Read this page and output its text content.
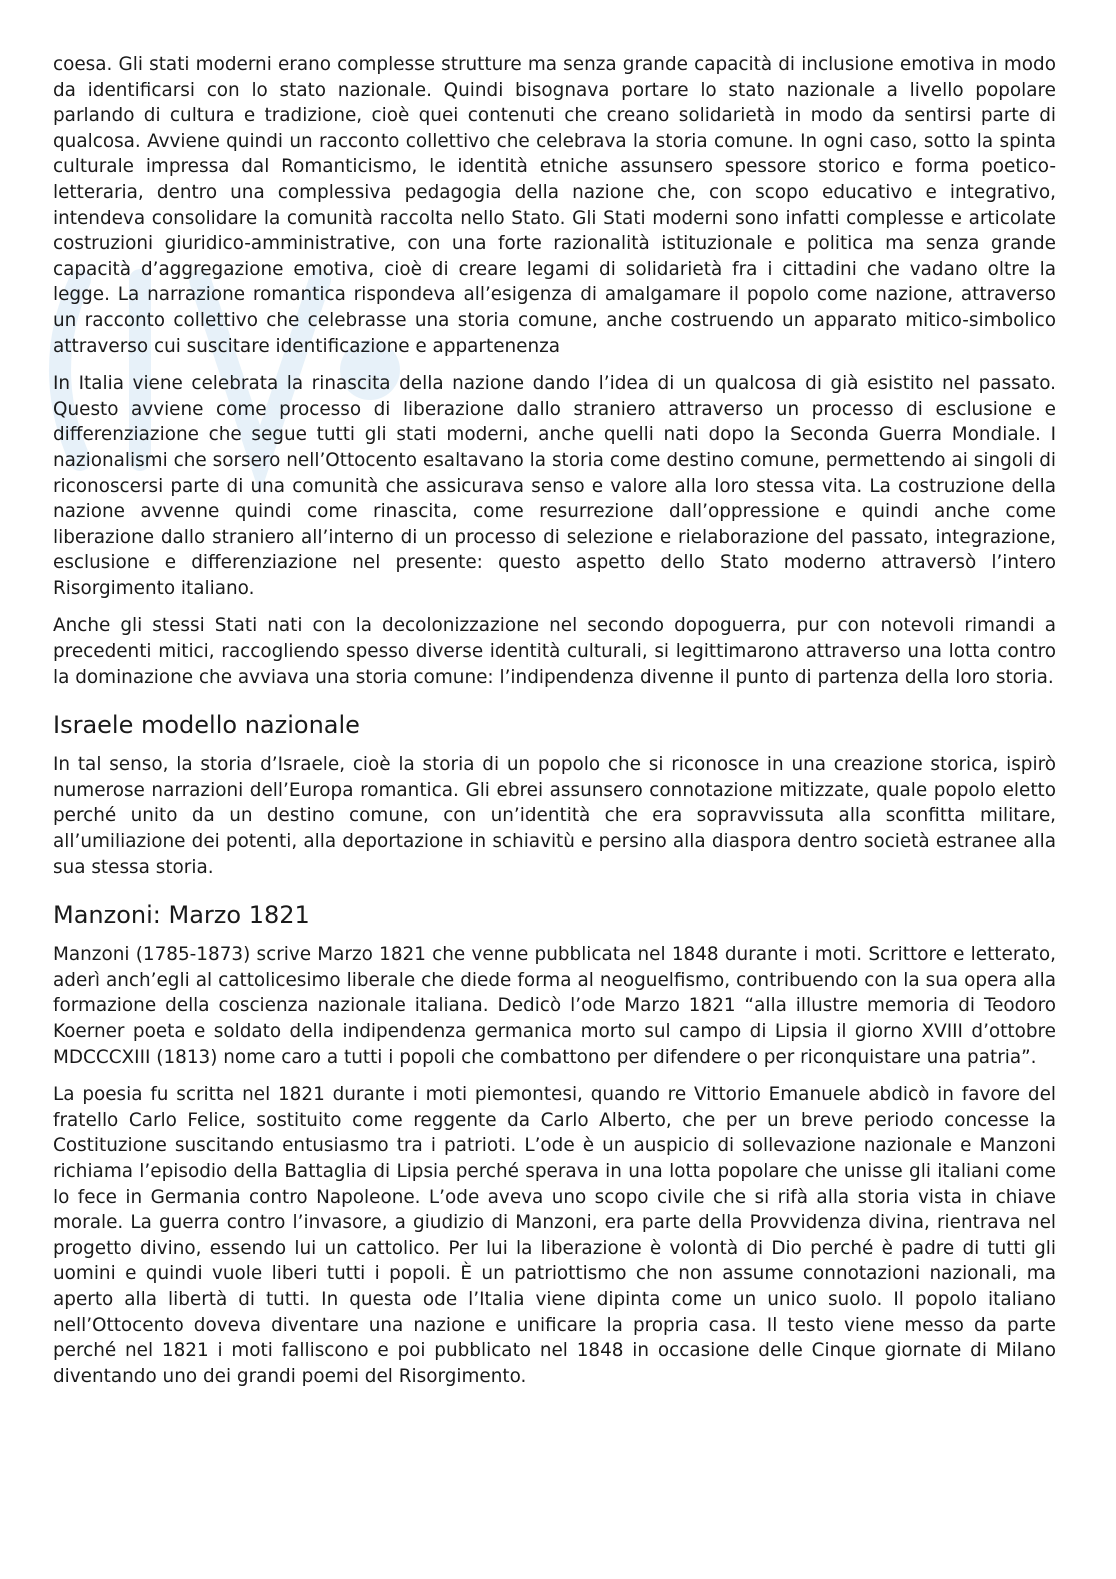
coesa. Gli stati moderni erano complesse strutture ma senza grande capacità di inclusione emotiva in modo da identificarsi con lo stato nazionale. Quindi bisognava portare lo stato nazionale a livello popolare parlando di cultura e tradizione, cioè quei contenuti che creano solidarietà in modo da sentirsi parte di qualcosa. Avviene quindi un racconto collettivo che celebrava la storia comune. In ogni caso, sotto la spinta culturale impressa dal Romanticismo, le identità etniche assunsero spessore storico e forma poetico-letteraria, dentro una complessiva pedagogia della nazione che, con scopo educativo e integrativo, intendeva consolidare la comunità raccolta nello Stato. Gli Stati moderni sono infatti complesse e articolate costruzioni giuridico-amministrative, con una forte razionalità istituzionale e politica ma senza grande capacità d’aggregazione emotiva, cioè di creare legami di solidarietà fra i cittadini che vadano oltre la legge. La narrazione romantica rispondeva all’esigenza di amalgamare il popolo come nazione, attraverso un racconto collettivo che celebrasse una storia comune, anche costruendo un apparato mitico-simbolico attraverso cui suscitare identificazione e appartenenza

In Italia viene celebrata la rinascita della nazione dando l’idea di un qualcosa di già esistito nel passato. Questo avviene come processo di liberazione dallo straniero attraverso un processo di esclusione e differenziazione che segue tutti gli stati moderni, anche quelli nati dopo la Seconda Guerra Mondiale. I nazionalismi che sorsero nell’Ottocento esaltavano la storia come destino comune, permettendo ai singoli di riconoscersi parte di una comunità che assicurava senso e valore alla loro stessa vita. La costruzione della nazione avvenne quindi come rinascita, come resurrezione dall’oppressione e quindi anche come liberazione dallo straniero all’interno di un processo di selezione e rielaborazione del passato, integrazione, esclusione e differenziazione nel presente: questo aspetto dello Stato moderno attraversò l’intero Risorgimento italiano.

Anche gli stessi Stati nati con la decolonizzazione nel secondo dopoguerra, pur con notevoli rimandi a precedenti mitici, raccogliendo spesso diverse identità culturali, si legittimarono attraverso una lotta contro la dominazione che avviava una storia comune: l’indipendenza divenne il punto di partenza della loro storia.

Israele modello nazionale

In tal senso, la storia d’Israele, cioè la storia di un popolo che si riconosce in una creazione storica, ispirò numerose narrazioni dell’Europa romantica. Gli ebrei assunsero connotazione mitizzate, quale popolo eletto perché unito da un destino comune, con un’identità che era sopravvissuta alla sconfitta militare, all’umiliazione dei potenti, alla deportazione in schiavitù e persino alla diaspora dentro società estranee alla sua stessa storia.

Manzoni: Marzo 1821

Manzoni (1785-1873) scrive Marzo 1821 che venne pubblicata nel 1848 durante i moti. Scrittore e letterato, aderì anch’egli al cattolicesimo liberale che diede forma al neoguelfismo, contribuendo con la sua opera alla formazione della coscienza nazionale italiana. Dedicò l’ode Marzo 1821 “alla illustre memoria di Teodoro Koerner poeta e soldato della indipendenza germanica morto sul campo di Lipsia il giorno XVIII d’ottobre MDCCCXIII (1813) nome caro a tutti i popoli che combattono per difendere o per riconquistare una patria”.

La poesia fu scritta nel 1821 durante i moti piemontesi, quando re Vittorio Emanuele abdicò in favore del fratello Carlo Felice, sostituito come reggente da Carlo Alberto, che per un breve periodo concesse la Costituzione suscitando entusiasmo tra i patrioti. L’ode è un auspicio di sollevazione nazionale e Manzoni richiama l’episodio della Battaglia di Lipsia perché sperava in una lotta popolare che unisse gli italiani come lo fece in Germania contro Napoleone. L’ode aveva uno scopo civile che si rifà alla storia vista in chiave morale. La guerra contro l’invasore, a giudizio di Manzoni, era parte della Provvidenza divina, rientrava nel progetto divino, essendo lui un cattolico. Per lui la liberazione è volontà di Dio perché è padre di tutti gli uomini e quindi vuole liberi tutti i popoli. È un patriottismo che non assume connotazioni nazionali, ma aperto alla libertà di tutti. In questa ode l’Italia viene dipinta come un unico suolo. Il popolo italiano nell’Ottocento doveva diventare una nazione e unificare la propria casa. Il testo viene messo da parte perché nel 1821 i moti falliscono e poi pubblicato nel 1848 in occasione delle Cinque giornate di Milano diventando uno dei grandi poemi del Risorgimento.
